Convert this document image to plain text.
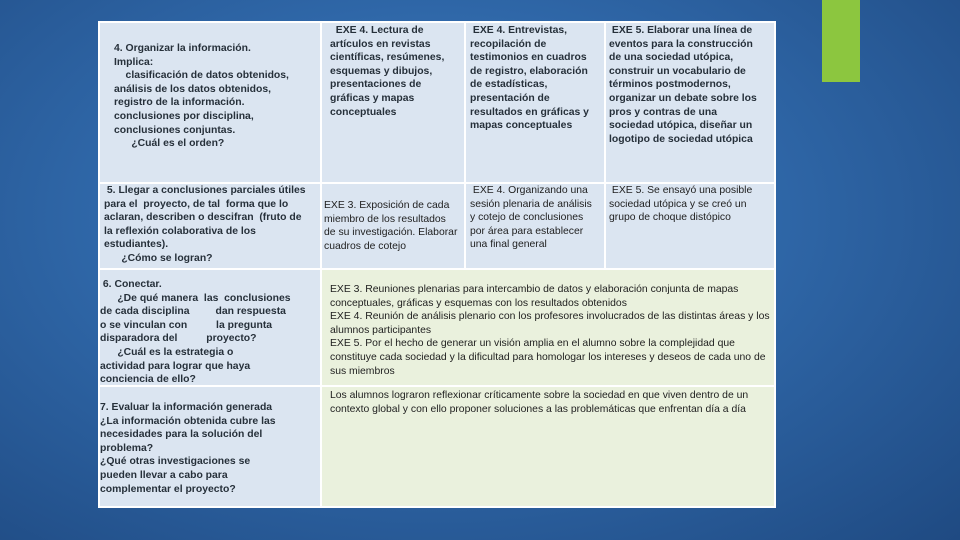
4. Organizar la información.
Implica:
clasificación de datos obtenidos,
análisis de los datos obtenidos,
registro de la información.
conclusiones por disciplina,
conclusiones conjuntas.
¿Cuál es el orden?
EXE 4. Lectura de
artículos en revistas
científicas, resúmenes,
esquemas y dibujos,
presentaciones de
gráficas y mapas
conceptuales
EXE 4. Entrevistas,
recopilación de
testimonios en cuadros
de registro, elaboración
de estadísticas,
presentación de
resultados en gráficas y
mapas conceptuales
EXE 5. Elaborar una línea de
eventos para la construcción
de una sociedad utópica,
construir un vocabulario de
términos postmodernos,
organizar un debate sobre los
pros y contras de una
sociedad utópica, diseñar un
logotipo de sociedad utópica
5. Llegar a conclusiones parciales útiles
para el  proyecto, de tal  forma que lo
aclaran, describen o descifran  (fruto de
la reflexión colaborativa de los
estudiantes).
¿Cómo se logran?
EXE 3. Exposición de cada
miembro de los resultados
de su investigación. Elaborar
cuadros de cotejo
EXE 4. Organizando una
sesión plenaria de análisis
y cotejo de conclusiones
por área para establecer
una final general
EXE 5. Se ensayó una posible
sociedad utópica y se creó un
grupo de choque distópico
6. Conectar.
¿De qué manera  las  conclusiones
de cada disciplina         dan respuesta
o se vinculan con          la pregunta
disparadora del          proyecto?
¿Cuál es la estrategia o
actividad para lograr que haya
conciencia de ello?
EXE 3. Reuniones plenarias para intercambio de datos y elaboración conjunta de mapas conceptuales, gráficas y esquemas con los resultados obtenidos
EXE 4. Reunión de análisis plenario con los profesores involucrados de las distintas áreas y los alumnos participantes
EXE 5. Por el hecho de generar un visión amplia en el alumno sobre la complejidad que constituye cada sociedad y la dificultad para homologar los intereses y deseos de cada uno de sus miembros
7. Evaluar la información generada
¿La información obtenida cubre las
necesidades para la solución del
problema?
¿Qué otras investigaciones se
pueden llevar a cabo para
complementar el proyecto?
Los alumnos lograron reflexionar críticamente sobre la sociedad en que viven dentro de un contexto global y con ello proponer soluciones a las problemáticas que enfrentan día a día
